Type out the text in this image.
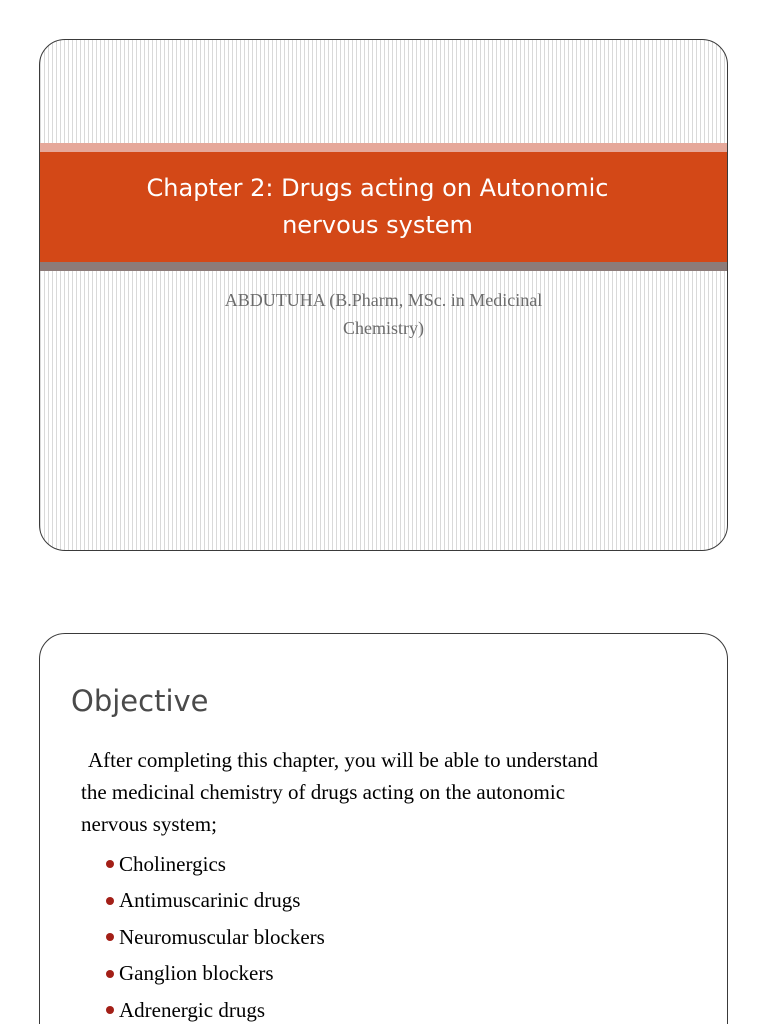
Chapter 2: Drugs acting on Autonomic
nervous system
ABDUTUHA (B.Pharm, MSc. in Medicinal
Chemistry)
Objective
After completing this chapter, you will be able to understand
the medicinal chemistry of drugs acting on the autonomic
nervous system;
Cholinergics
Antimuscarinic drugs
Neuromuscular blockers
Ganglion blockers
Adrenergic drugs
